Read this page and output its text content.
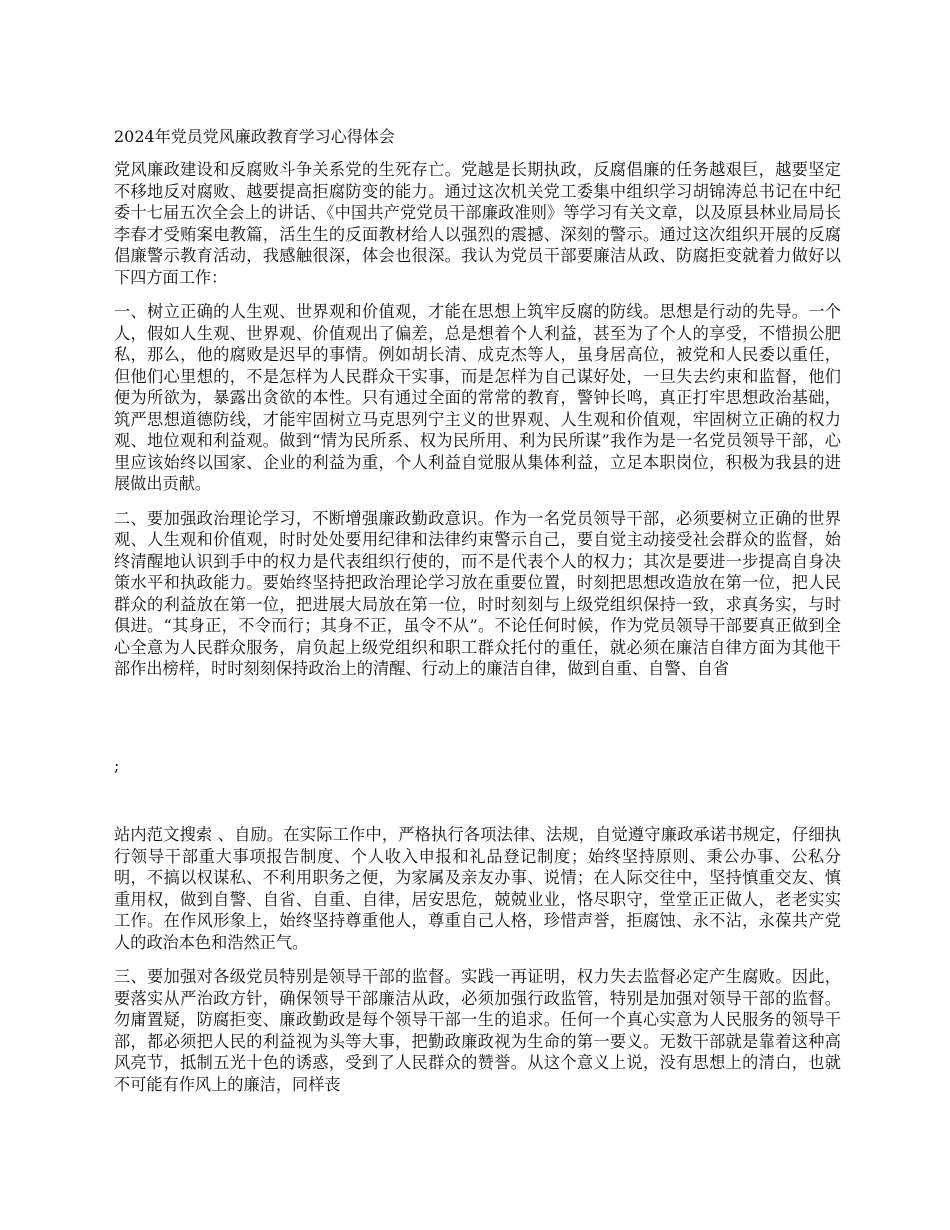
2024年党员党风廉政教育学习心得体会

党风廉政建设和反腐败斗争关系党的生死存亡。党越是长期执政，反腐倡廉的任务越艰巨，越要坚定不移地反对腐败、越要提高拒腐防变的能力。通过这次机关党工委集中组织学习胡锦涛总书记在中纪委十七届五次全会上的讲话、《中国共产党党员干部廉政准则》等学习有关文章，以及原县林业局局长李春才受贿案电教篇，活生生的反面教材给人以强烈的震撼、深刻的警示。通过这次组织开展的反腐倡廉警示教育活动，我感触很深，体会也很深。我认为党员干部要廉洁从政、防腐拒变就着力做好以下四方面工作：

一、树立正确的人生观、世界观和价值观，才能在思想上筑牢反腐的防线。思想是行动的先导。一个人，假如人生观、世界观、价值观出了偏差，总是想着个人利益，甚至为了个人的享受，不惜损公肥私，那么，他的腐败是迟早的事情。例如胡长清、成克杰等人，虽身居高位，被党和人民委以重任，但他们心里想的，不是怎样为人民群众干实事，而是怎样为自己谋好处，一旦失去约束和监督，他们便为所欲为，暴露出贪欲的本性。只有通过全面的常常的教育，警钟长鸣，真正打牢思想政治基础，筑严思想道德防线，才能牢固树立马克思列宁主义的世界观、人生观和价值观，牢固树立正确的权力观、地位观和利益观。做到“情为民所系、权为民所用、利为民所谋”我作为是一名党员领导干部，心里应该始终以国家、企业的利益为重，个人利益自觉服从集体利益，立足本职岗位，积极为我县的进展做出贡献。

二、要加强政治理论学习，不断增强廉政勤政意识。作为一名党员领导干部，必须要树立正确的世界观、人生观和价值观，时时处处要用纪律和法律约束警示自己，要自觉主动接受社会群众的监督，始终清醒地认识到手中的权力是代表组织行使的，而不是代表个人的权力；其次是要进一步提高自身决策水平和执政能力。要始终坚持把政治理论学习放在重要位置，时刻把思想改造放在第一位，把人民群众的利益放在第一位，把进展大局放在第一位，时时刻刻与上级党组织保持一致，求真务实，与时俱进。“其身正，不令而行；其身不正，虽令不从”。不论任何时候，作为党员领导干部要真正做到全心全意为人民群众服务，肩负起上级党组织和职工群众托付的重任，就必须在廉洁自律方面为其他干部作出榜样，时时刻刻保持政治上的清醒、行动上的廉洁自律，做到自重、自警、自省

;

站内范文搜索 、自励。在实际工作中，严格执行各项法律、法规，自觉遵守廉政承诺书规定，仔细执行领导干部重大事项报告制度、个人收入申报和礼品登记制度；始终坚持原则、秉公办事、公私分明，不搞以权谋私、不利用职务之便，为家属及亲友办事、说情；在人际交往中，坚持慎重交友、慎重用权，做到自警、自省、自重、自律，居安思危，兢兢业业，恪尽职守，堂堂正正做人，老老实实工作。在作风形象上，始终坚持尊重他人，尊重自己人格，珍惜声誉，拒腐蚀、永不沾，永葆共产党人的政治本色和浩然正气。

三、要加强对各级党员特别是领导干部的监督。实践一再证明，权力失去监督必定产生腐败。因此，要落实从严治政方针，确保领导干部廉洁从政，必须加强行政监管，特别是加强对领导干部的监督。勿庸置疑，防腐拒变、廉政勤政是每个领导干部一生的追求。任何一个真心实意为人民服务的领导干部，都必须把人民的利益视为头等大事，把勤政廉政视为生命的第一要义。无数干部就是靠着这种高风亮节，抵制五光十色的诱惑，受到了人民群众的赞誉。从这个意义上说，没有思想上的清白，也就不可能有作风上的廉洁，同样丧
